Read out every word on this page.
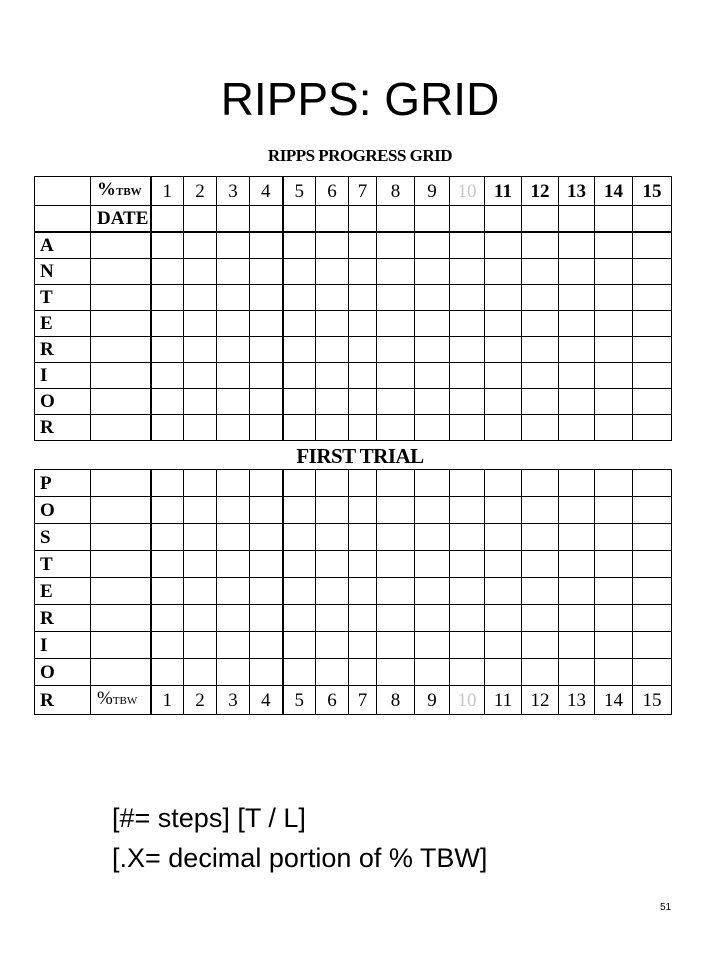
RIPPS: GRID
RIPPS PROGRESS GRID
	%TBW	1	2	3	4	5	6	7	8	9	10	11	12	13	14	15
	DATE															
A																
N																
T																
E																
R																
I																
O																
R																
FIRST TRIAL
P																
O																
S																
T																
E																
R																
I																
O																
R	%TBW	1	2	3	4	5	6	7	8	9	10	11	12	13	14	15
[#= steps] [T / L]
[.X= decimal portion of % TBW]
51
